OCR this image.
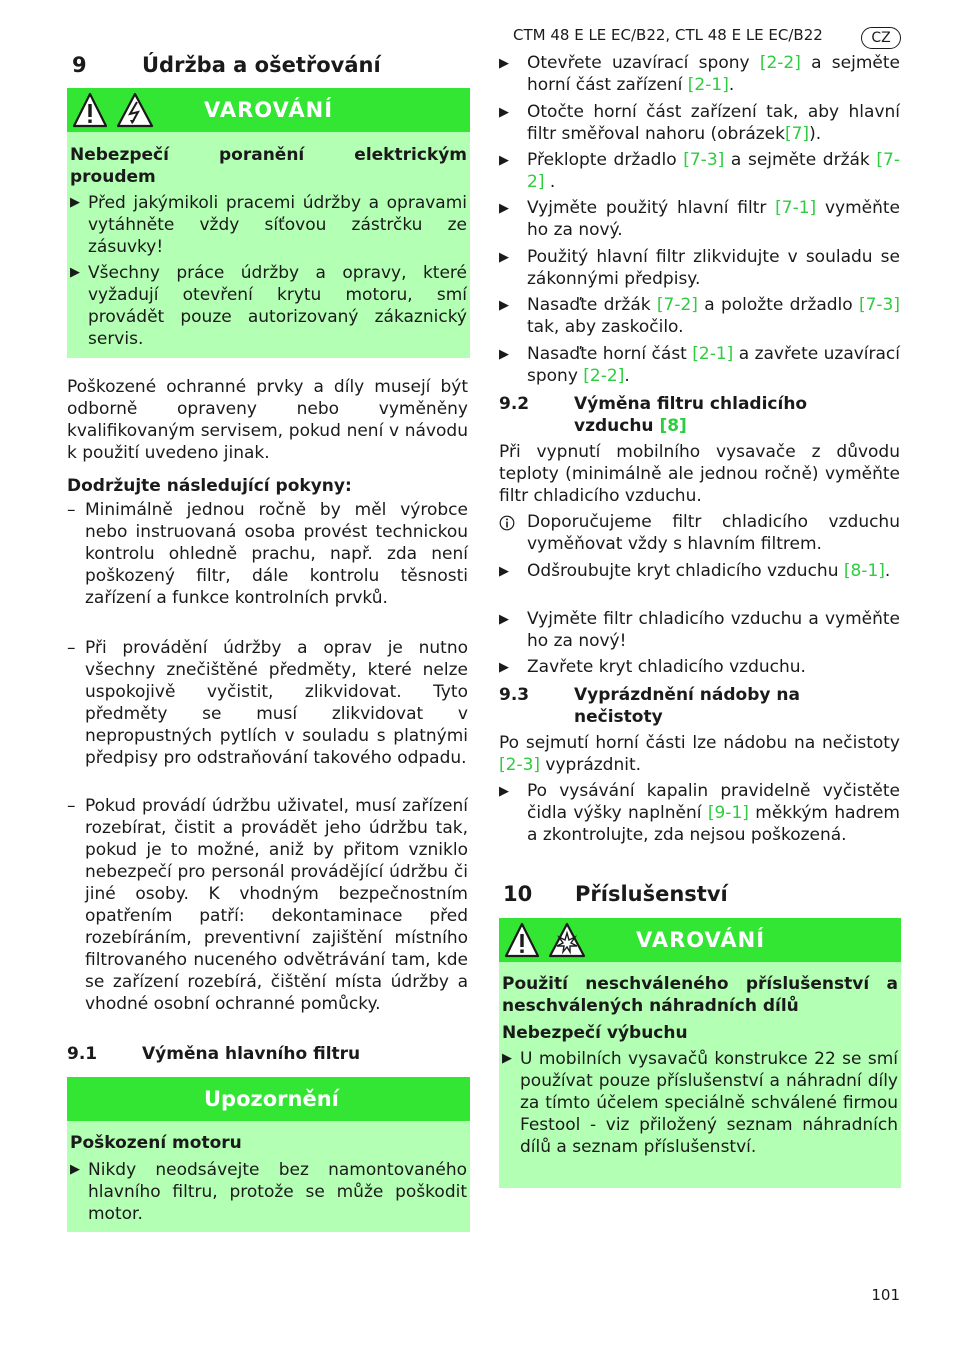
CTM 48 E LE EC/B22, CTL 48 E LE EC/B22	CZ
9	Údržba a ošetřování
VAROVÁNÍ
Nebezpečí poranění elektrickým proudem
▶ Před jakýmikoli pracemi údržby a opravami vytáhněte vždy síťovou zástrčku ze zásuvky!
▶ Všechny práce údržby a opravy, které vyžadují otevření krytu motoru, smí provádět pouze autorizovaný zákaznický servis.
Poškozené ochranné prvky a díly musejí být odborně opraveny nebo vyměněny kvalifikovaným servisem, pokud není v návodu k použití uvedeno jinak.
Dodržujte následující pokyny:
– Minimálně jednou ročně by měl výrobce nebo instruovaná osoba provést technickou kontrolu ohledně prachu, např. zda není poškozený filtr, dále kontrolu těsnosti zařízení a funkce kontrolních prvků.
– Při provádění údržby a oprav je nutno všechny znečištěné předměty, které nelze uspokojivě vyčistit, zlikvidovat. Tyto předměty se musí zlikvidovat v nepropustných pytlích v souladu s platnými předpisy pro odstraňování takového odpadu.
– Pokud provádí údržbu uživatel, musí zařízení rozebírat, čistit a provádět jeho údržbu tak, pokud je to možné, aniž by přitom vzniklo nebezpečí pro personál provádějící údržbu či jiné osoby. K vhodným bezpečnostním opatřením patří: dekontaminace před rozebíráním, preventivní zajištění místního filtrovaného nuceného odvětrávání tam, kde se zařízení rozebírá, čištění místa údržby a vhodné osobní ochranné pomůcky.
9.1	Výměna hlavního filtru
Upozornění
Poškození motoru
▶ Nikdy neodsávejte bez namontovaného hlavního filtru, protože se může poškodit motor.
▶ Otevřete uzavírací spony [2-2] a sejměte horní část zařízení [2-1].
▶ Otočte horní část zařízení tak, aby hlavní filtr směřoval nahoru (obrázek[7]).
▶ Překlopte držadlo [7-3] a sejměte držák [7-2] .
▶ Vyjměte použitý hlavní filtr [7-1] vyměňte ho za nový.
▶ Použitý hlavní filtr zlikvidujte v souladu se zákonnými předpisy.
▶ Nasaďte držák [7-2] a položte držadlo [7-3] tak, aby zaskočilo.
▶ Nasaďte horní část [2-1] a zavřete uzavírací spony [2-2].
9.2	Výměna filtru chladicího vzduchu [8]
Při vypnutí mobilního vysavače z důvodu teploty (minimálně ale jednou ročně) vyměňte filtr chladicího vzduchu.
Doporučujeme filtr chladicího vzduchu vyměňovat vždy s hlavním filtrem.
▶ Odšroubujte kryt chladicího vzduchu [8-1].
▶ Vyjměte filtr chladicího vzduchu a vyměňte ho za nový!
▶ Zavřete kryt chladicího vzduchu.
9.3	Vyprázdnění nádoby na nečistoty
Po sejmutí horní části lze nádobu na nečistoty [2-3] vyprázdnit.
▶ Po vysávání kapalin pravidelně vyčistěte čidla výšky naplnění [9-1] měkkým hadrem a zkontrolujte, zda nejsou poškozená.
10 Příslušenství
VAROVÁNÍ
Použití neschváleného příslušenství a neschválených náhradních dílů
Nebezpečí výbuchu
▶ U mobilních vysavačů konstrukce 22 se smí používat pouze příslušenství a náhradní díly za tímto účelem speciálně schválené firmou Festool - viz přiložený seznam náhradních dílů a seznam příslušenství.
101
